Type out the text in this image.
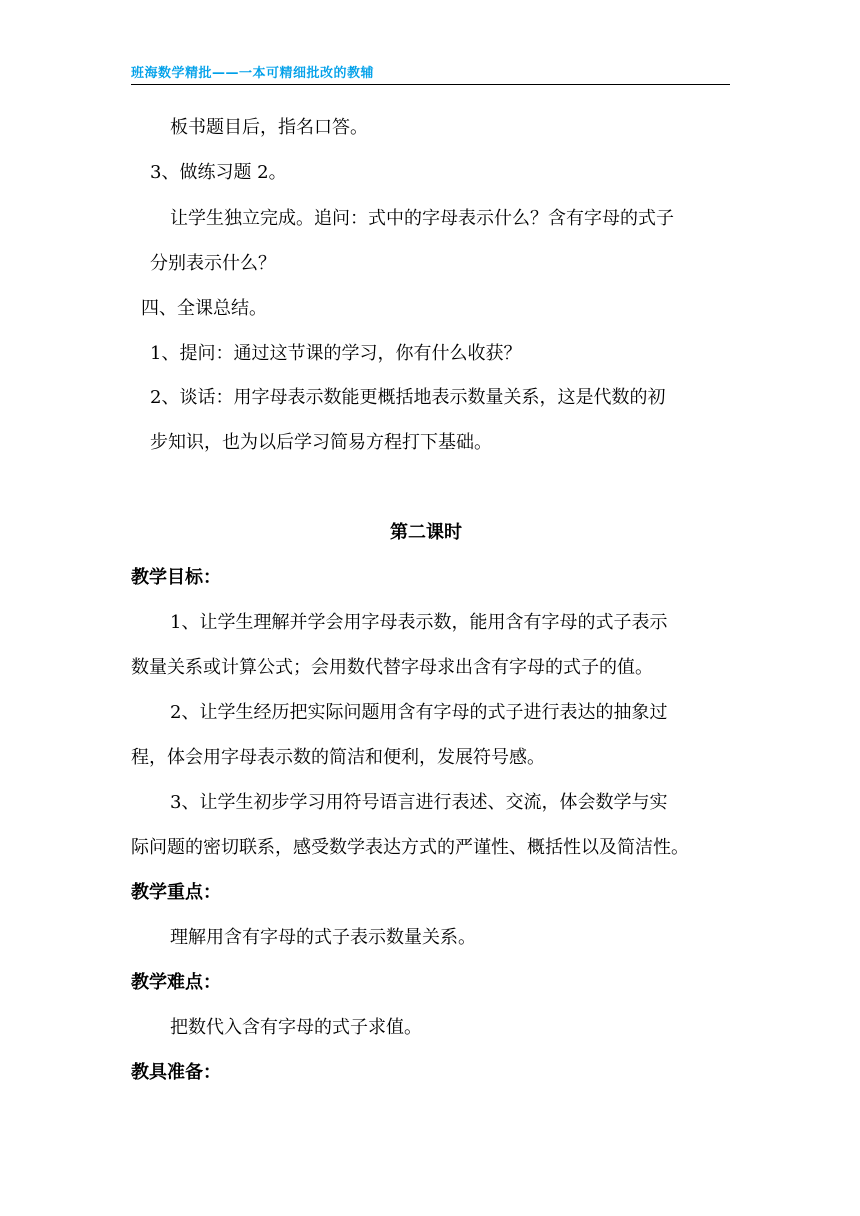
班海数学精批——一本可精细批改的教辅
板书题目后，指名口答。
3、做练习题 2。
让学生独立完成。追问：式中的字母表示什么？含有字母的式子
分别表示什么？
四、全课总结。
1、提问：通过这节课的学习，你有什么收获？
2、谈话：用字母表示数能更概括地表示数量关系，这是代数的初
步知识，也为以后学习简易方程打下基础。
第二课时
教学目标：
1、让学生理解并学会用字母表示数，能用含有字母的式子表示
数量关系或计算公式；会用数代替字母求出含有字母的式子的值。
2、让学生经历把实际问题用含有字母的式子进行表达的抽象过
程，体会用字母表示数的简洁和便利，发展符号感。
3、让学生初步学习用符号语言进行表述、交流，体会数学与实
际问题的密切联系，感受数学表达方式的严谨性、概括性以及简洁性。
教学重点：
理解用含有字母的式子表示数量关系。
教学难点：
把数代入含有字母的式子求值。
教具准备：
